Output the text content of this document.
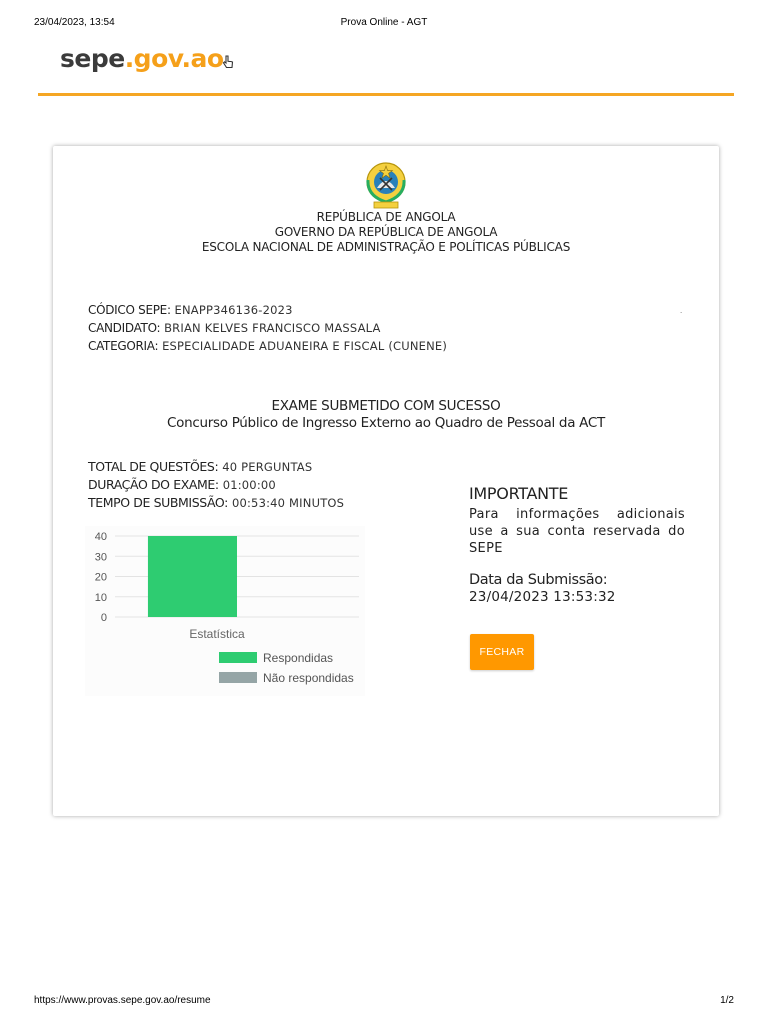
23/04/2023, 13:54	Prova Online - AGT
sepe.gov.ao
REPÚBLICA DE ANGOLA
GOVERNO DA REPÚBLICA DE ANGOLA
ESCOLA NACIONAL DE ADMINISTRAÇÃO E POLÍTICAS PÚBLICAS
CÓDICO SEPE: ENAPP346136-2023
CANDIDATO: BRIAN KELVES FRANCISCO MASSALA
CATEGORIA: ESPECIALIDADE ADUANEIRA E FISCAL (CUNENE)
.
EXAME SUBMETIDO COM SUCESSO
Concurso Público de Ingresso Externo ao Quadro de Pessoal da ACT
TOTAL DE QUESTÕES: 40 PERGUNTAS
DURAÇÃO DO EXAME: 01:00:00
TEMPO DE SUBMISSÃO: 00:53:40 MINUTOS
0
10
20
30
40
Estatística
Respondidas
Não respondidas
IMPORTANTE

Para informações adicionais use a sua conta reservada do SEPE

Data da Submissão:
23/04/2023 13:53:32
FECHAR
https://www.provas.sepe.gov.ao/resume	1/2
